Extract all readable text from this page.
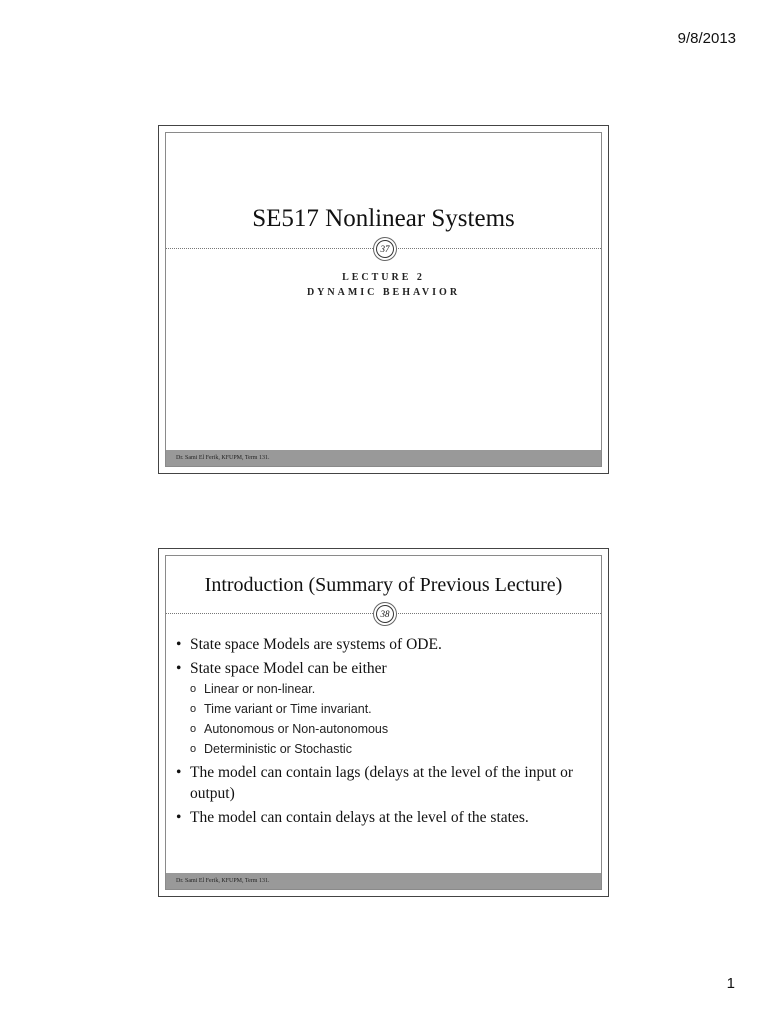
9/8/2013
SE517 Nonlinear Systems
37
LECTURE 2
DYNAMIC BEHAVIOR
Dr. Sami El Ferik, KFUPM, Term 131.
Introduction (Summary of Previous Lecture)
38
• State space Models are systems of ODE.
• State space Model can be either
o Linear or non-linear.
o Time variant or Time invariant.
o Autonomous or Non-autonomous
o Deterministic or Stochastic
• The model can contain lags (delays at the level of the input or output)
• The model can contain delays at the level of the states.
Dr. Sami El Ferik, KFUPM, Term 131.
1
